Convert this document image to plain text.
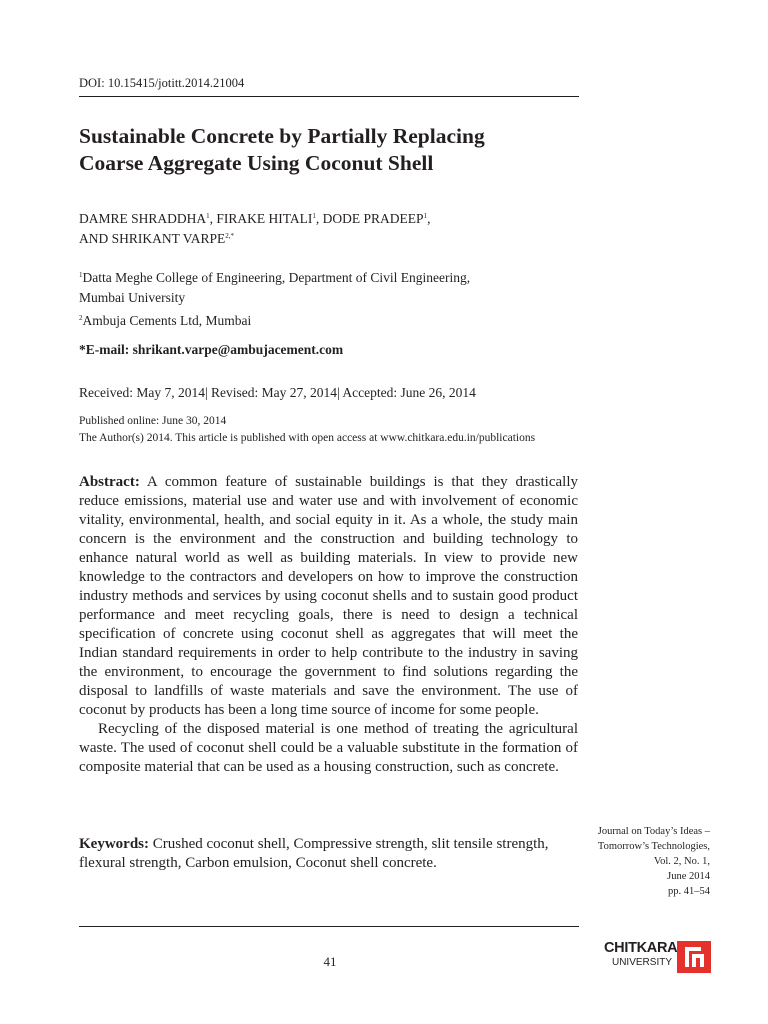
DOI: 10.15415/jotitt.2014.21004
Sustainable Concrete by Partially Replacing
Coarse Aggregate Using Coconut Shell
DAMRE SHRADDHA$^1$, FIRAKE HITALI$^1$, DODE PRADEEP$^1$,
AND SHRIKANT $VARPE^{2,*}$
$^1$Datta Meghe College of Engineering, Department of Civil Engineering,
Mumbai University
$^2$Ambuja Cements Ltd, Mumbai
*E-mail: shrikant.varpe@ambujacement.com
Received: May 7, 2014| Revised: May 27, 2014| Accepted: June 26, 2014
Published online: June 30, 2014
The Author(s) 2014. This article is published with open access at www.chitkara.edu.in/publications

Abstract: A common feature of sustainable buildings is that they drastically reduce emissions, material use and water use and with involvement of economic vitality, environmental, health, and social equity in it. As a whole, the study main concern is the environment and the construction and building technology to enhance natural world as well as building materials. In view to provide new knowledge to the contractors and developers on how to improve the construction industry methods and services by using coconut shells and to sustain good product performance and meet recycling goals, there is need to design a technical specification of concrete using coconut shell as aggregates that will meet the Indian standard requirements in order to help contribute to the industry in saving the environment, to encourage the government to find solutions regarding the disposal to landfills of waste materials and save the environment. The use of coconut by products has been a long time source of income for some people.

Recycling of the disposed material is one method of treating the agricultural waste. The used of coconut shell could be a valuable substitute in the formation of composite material that can be used as a housing construction, such as concrete.

Keywords: Crushed coconut shell, Compressive strength, slit tensile strength, flexural strength, Carbon emulsion, Coconut shell concrete.
Journal on Today’s Ideas –
Tomorrow’s Technologies,
Vol. 2, No. 1,
June 2014
pp. 41–54
41
CHITKARA
UNIVERSITY
